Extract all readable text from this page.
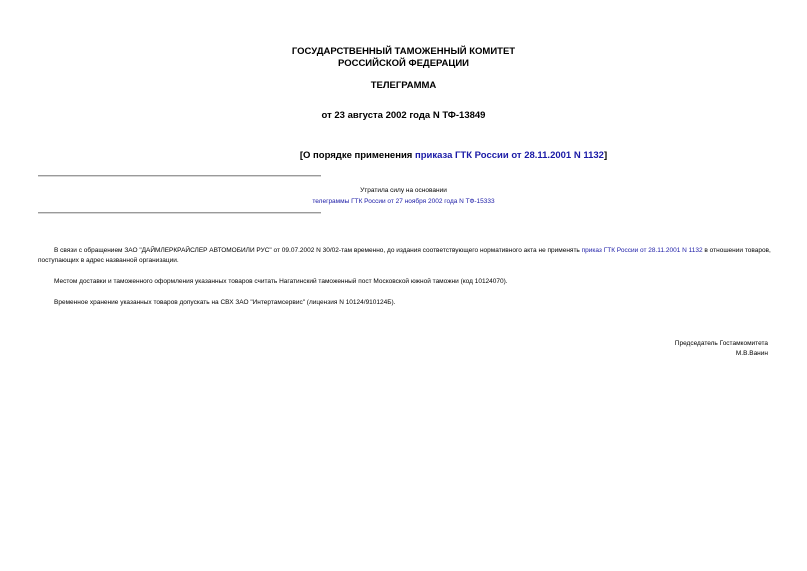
ГОСУДАРСТВЕННЫЙ ТАМОЖЕННЫЙ КОМИТЕТ
РОССИЙСКОЙ ФЕДЕРАЦИИ
ТЕЛЕГРАММА
от 23 августа 2002 года N ТФ-13849
[О порядке применения приказа ГТК России от 28.11.2001 N 1132]
Утратила силу на основании
телеграммы ГТК России от 27 ноября 2002 года N ТФ-15333
В связи с обращением ЗАО "ДАЙМЛЕРКРАЙСЛЕР АВТОМОБИЛИ РУС" от 09.07.2002 N 30/02-там временно, до издания соответствующего нормативного акта не применять приказ ГТК России от 28.11.2001 N 1132 в отношении товаров, поступающих в адрес названной организации.
Местом доставки и таможенного оформления указанных товаров считать Нагатинский таможенный пост Московской южной таможни (код 10124070).
Временное хранение указанных товаров допускать на СВХ ЗАО "Интертамсервис" (лицензия N 10124/910124Б).
Председатель Гостамкомитета
М.В.Ванин
